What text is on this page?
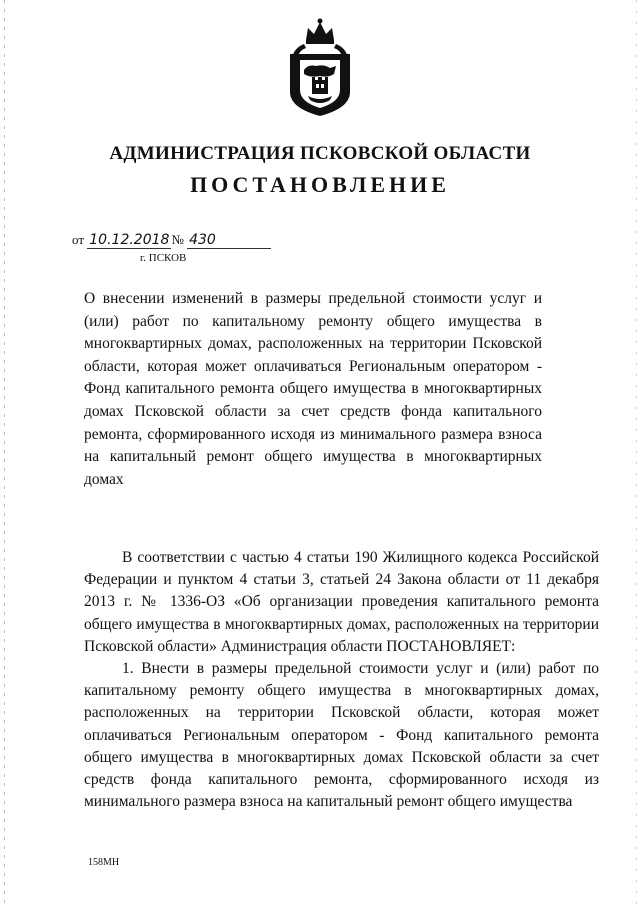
АДМИНИСТРАЦИЯ ПСКОВСКОЙ ОБЛАСТИ
ПОСТАНОВЛЕНИЕ
от 10.12.2018 № 430
г. ПСКОВ
О внесении изменений в размеры предельной стоимости услуг и (или) работ по капитальному ремонту общего имущества в многоквартирных домах, расположенных на территории Псковской области, которая может оплачиваться Региональным оператором - Фонд капитального ремонта общего имущества в многоквартирных домах Псковской области за счет средств фонда капитального ремонта, сформированного исходя из минимального размера взноса на капитальный ремонт общего имущества в многоквартирных домах

В соответствии с частью 4 статьи 190 Жилищного кодекса Российской Федерации и пунктом 4 статьи 3, статьей 24 Закона области от 11 декабря 2013 г. № 1336-ОЗ «Об организации проведения капитального ремонта общего имущества в многоквартирных домах, расположенных на территории Псковской области» Администрация области ПОСТАНОВЛЯЕТ:

1. Внести в размеры предельной стоимости услуг и (или) работ по капитальному ремонту общего имущества в многоквартирных домах, расположенных на территории Псковской области, которая может оплачиваться Региональным оператором - Фонд капитального ремонта общего имущества в многоквартирных домах Псковской области за счет средств фонда капитального ремонта, сформированного исходя из минимального размера взноса на капитальный ремонт общего имущества

158МН
